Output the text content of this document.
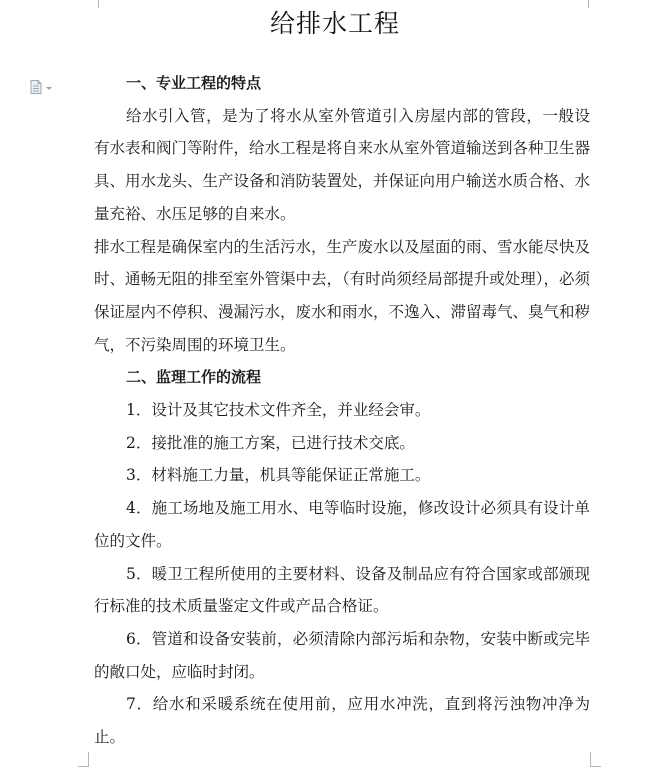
给排水工程

一、专业工程的特点

给水引入管，是为了将水从室外管道引入房屋内部的管段，一般设有水表和阀门等附件，给水工程是将自来水从室外管道输送到各种卫生器具、用水龙头、生产设备和消防装置处，并保证向用户输送水质合格、水量充裕、水压足够的自来水。

排水工程是确保室内的生活污水，生产废水以及屋面的雨、雪水能尽快及时、通畅无阻的排至室外管渠中去，（有时尚须经局部提升或处理），必须保证屋内不停积、漫漏污水，废水和雨水，不逸入、滞留毒气、臭气和秽气，不污染周围的环境卫生。

二、监理工作的流程

1．设计及其它技术文件齐全，并业经会审。

2．接批准的施工方案，已进行技术交底。

3．材料施工力量，机具等能保证正常施工。

4．施工场地及施工用水、电等临时设施，修改设计必须具有设计单位的文件。

5．暖卫工程所使用的主要材料、设备及制品应有符合国家或部颁现行标准的技术质量鉴定文件或产品合格证。

6．管道和设备安装前，必须清除内部污垢和杂物，安装中断或完毕的敞口处，应临时封闭。

7．给水和采暖系统在使用前，应用水冲洗，直到将污浊物冲净为止。
